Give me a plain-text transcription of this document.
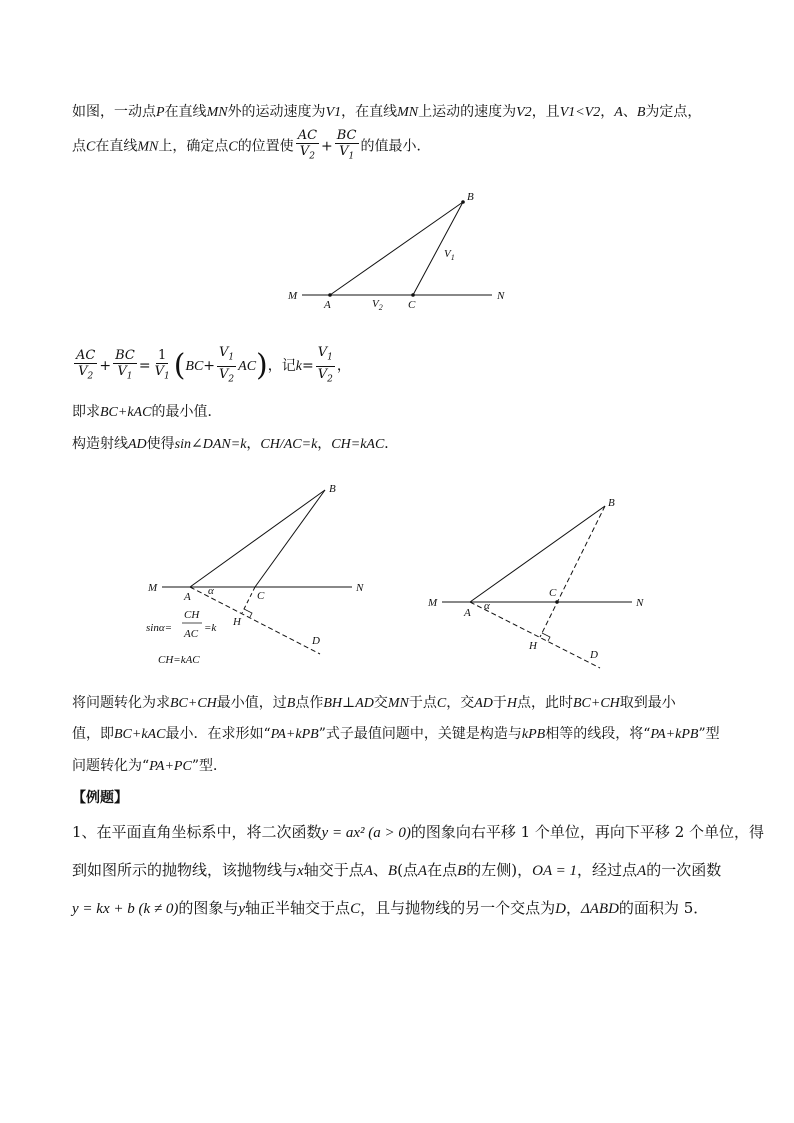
如图，一动点P在直线MN外的运动速度为V1，在直线MN上运动的速度为V2，且V1<V2，A、B为定点，
点C在直线MN上，确定点C的位置使 $\frac{AC}{V_2} + \frac{BC}{V_1}$ 的值最小．
B
M	N
A	C
$V_1$
$V_2$
$\frac{AC}{V_2} + \frac{BC}{V_1} = \frac{1}{V_1} (BC+ \frac{V_1}{V_2} AC)$，记$k= \frac{V_1}{V_2}$ ，
即求BC+kAC的最小值．
构造射线AD使得sin∠DAN=k，CH/AC=k，CH=kAC．
B
M	N
A	C
α
H
D
sinα=
CH
AC =k
CH=kAC
B
M	N
A
C
α
H
D
将问题转化为求BC+CH最小值，过B点作BH⊥AD交MN于点C，交AD于H点，此时BC+CH取到最小
值，即BC+kAC最小．在求形如“PA+kPB”式子最值问题中，关键是构造与kPB相等的线段，将“PA+kPB”型
问题转化为“PA+PC”型．
【例题】
1、在平面直角坐标系中，将二次函数y = ax² (a > 0)的图象向右平移 1 个单位，再向下平移 2 个单位，得
到如图所示的抛物线，该抛物线与x轴交于点A、B(点A在点B的左侧)，OA = 1，经过点A的一次函数
y = kx + b (k ≠ 0)的图象与y轴正半轴交于点C，且与抛物线的另一个交点为D，ΔABD的面积为 5．
